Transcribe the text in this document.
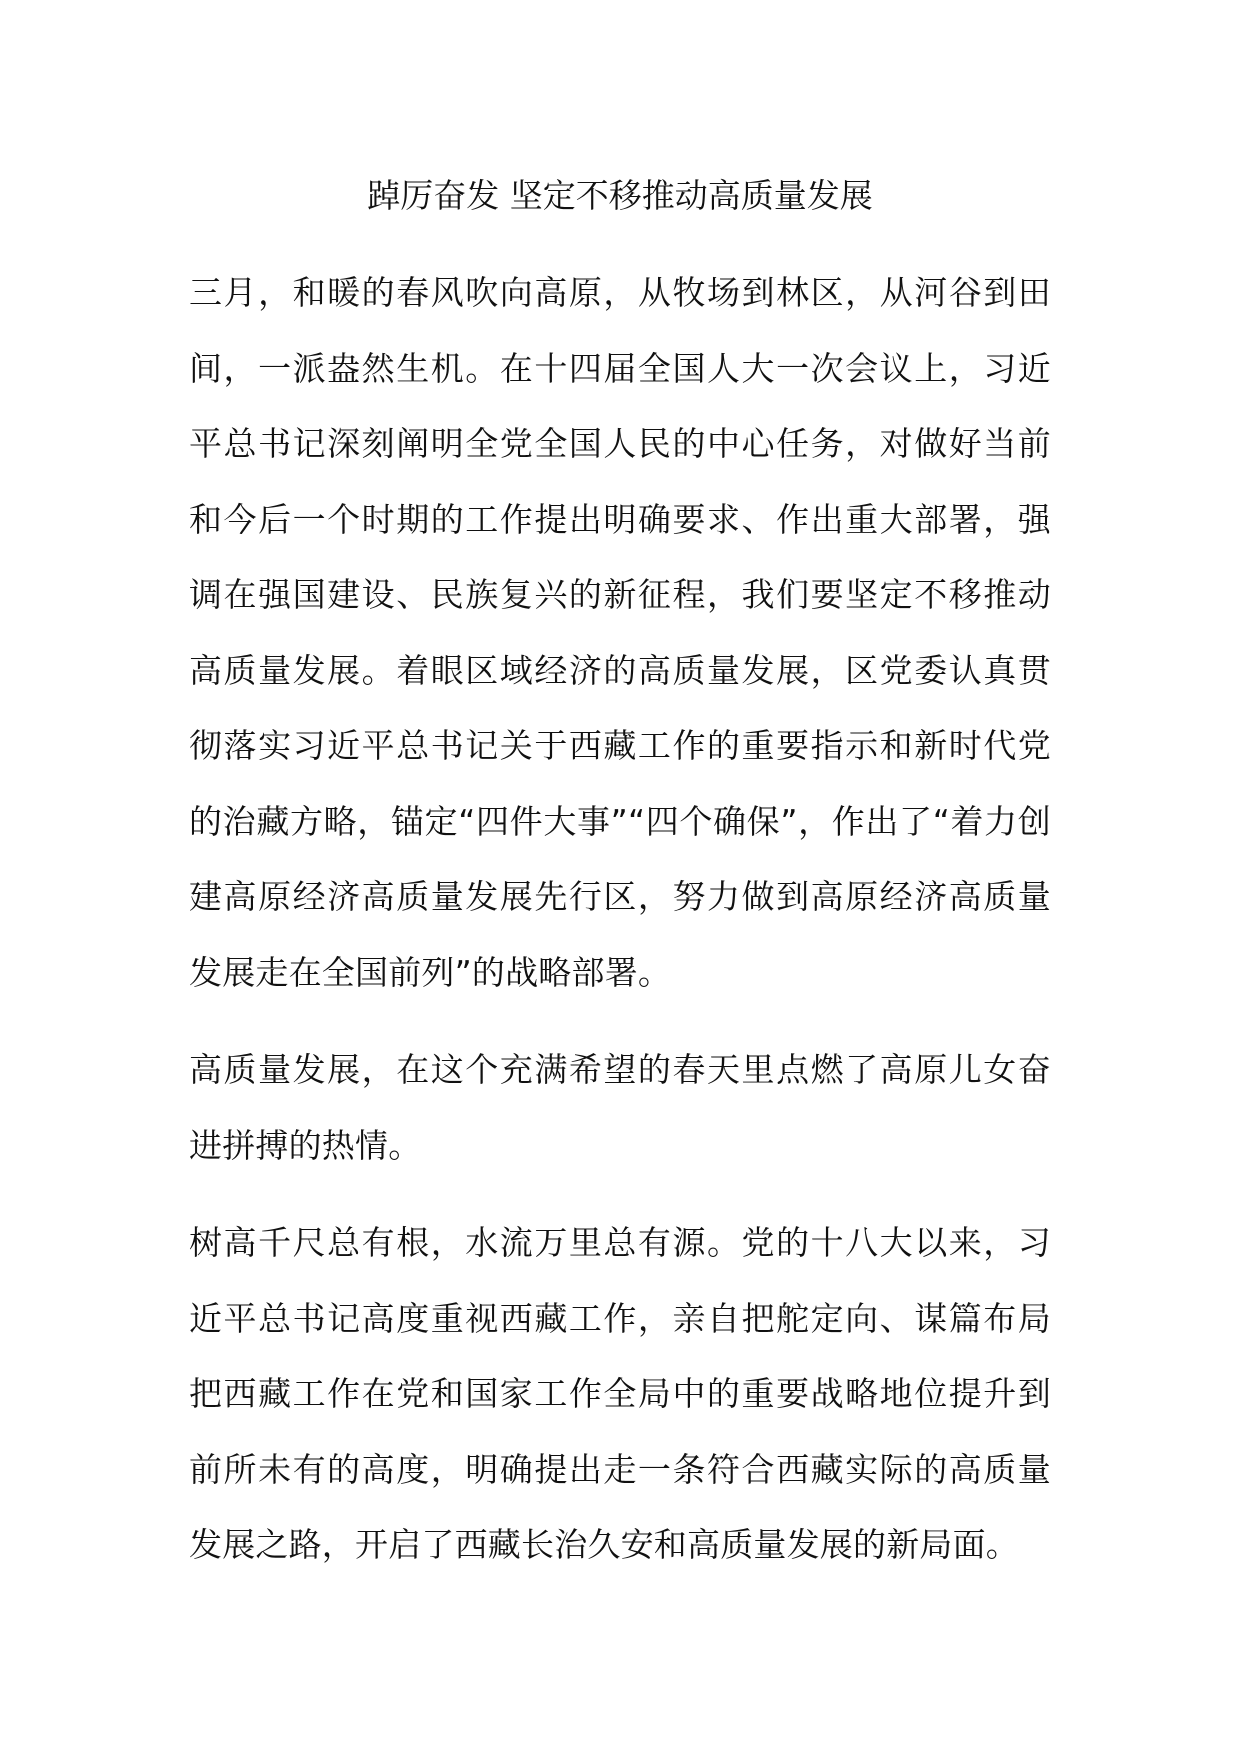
踔厉奋发 坚定不移推动高质量发展

三月，和暖的春风吹向高原，从牧场到林区，从河谷到田间，一派盎然生机。在十四届全国人大一次会议上，习近平总书记深刻阐明全党全国人民的中心任务，对做好当前和今后一个时期的工作提出明确要求、作出重大部署，强调在强国建设、民族复兴的新征程，我们要坚定不移推动高质量发展。着眼区域经济的高质量发展，区党委认真贯彻落实习近平总书记关于西藏工作的重要指示和新时代党的治藏方略，锚定“四件大事”“四个确保”，作出了“着力创建高原经济高质量发展先行区，努力做到高原经济高质量发展走在全国前列”的战略部署。

高质量发展，在这个充满希望的春天里点燃了高原儿女奋进拼搏的热情。

树高千尺总有根，水流万里总有源。党的十八大以来，习近平总书记高度重视西藏工作，亲自把舵定向、谋篇布局把西藏工作在党和国家工作全局中的重要战略地位提升到前所未有的高度，明确提出走一条符合西藏实际的高质量发展之路，开启了西藏长治久安和高质量发展的新局面。
